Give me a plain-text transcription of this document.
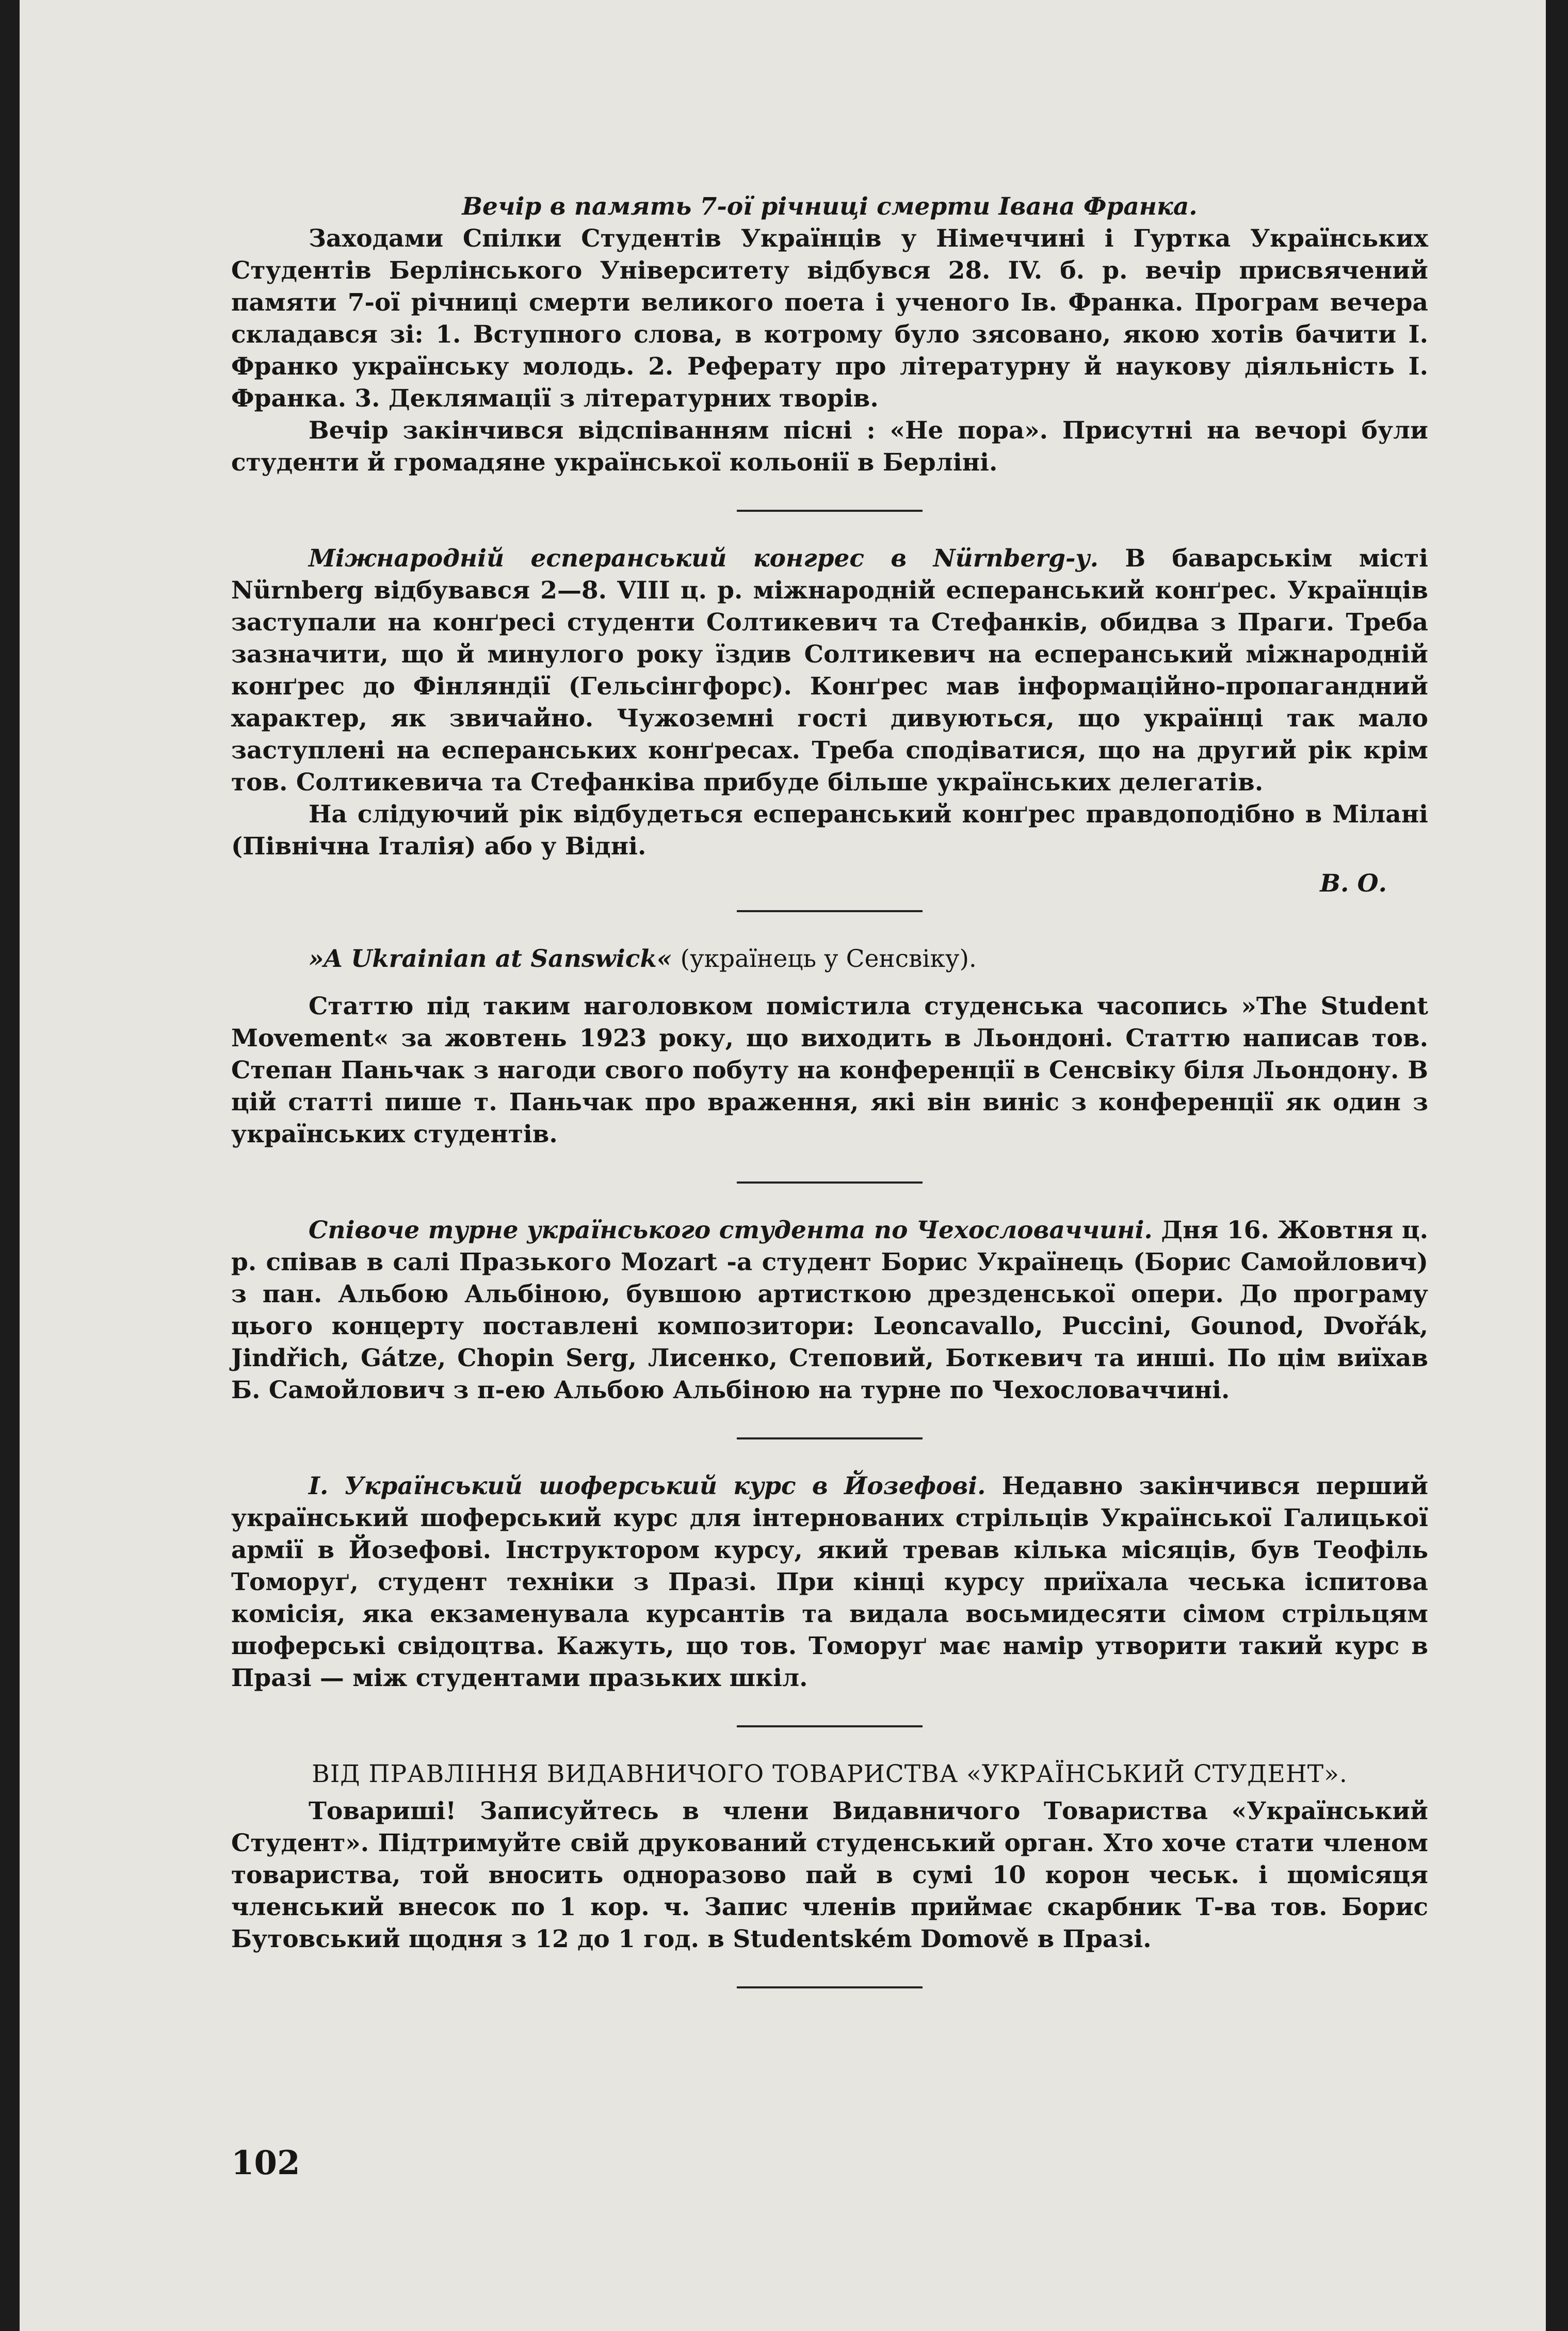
Вечір в память 7-ої річниці смерти Івана Франка.

Заходами Спілки Студентів Українців у Німеччині і Гуртка Українських Студентів Берлінського Університету відбувся 28. IV. б. р. вечір присвячений памяти 7-ої річниці смерти великого поета і ученого Ів. Франка. Програм вечера складався зі: 1. Вступного слова, в котрому було зясовано, якою хотів бачити І. Франко українську молодь. 2. Реферату про літературну й наукову діяльність І. Франка. 3. Деклямації з літературних творів.

Вечір закінчився відспіванням пісні : «Не пора». Присутні на вечорі були студенти й громадяне української кольонії в Берліні.

Міжнародній есперанський конгрес в Nürnberg-у. В баварськім місті Nürnberg відбувався 2—8. VIII ц. р. міжнародній есперанський конґрес. Українців заступали на конґресі студенти Солтикевич та Стефанків, обидва з Праги. Треба зазначити, що й минулого року їздив Солтикевич на есперанський міжнародній конґрес до Фінляндії (Гельсінгфорс). Конґрес мав інформаційно-пропагандний характер, як звичайно. Чужоземні гості дивуються, що українці так мало заступлені на есперанських конґресах. Треба сподіватися, що на другий рік крім тов. Солтикевича та Стефанківа прибуде більше українських делегатів.

На слідуючий рік відбудеться есперанський конґрес правдоподібно в Мілані (Північна Італія) або у Відні.

В. О.

»A Ukrainian at Sanswick« (українець у Сенсвіку).

Статтю під таким наголовком помістила студенська часопись »The Student Movement« за жовтень 1923 року, що виходить в Льондоні. Статтю написав тов. Степан Паньчак з нагоди свого побуту на конференції в Сенсвіку біля Льондону. В цій статті пише т. Паньчак про враження, які він виніс з конференції як один з українських студентів.

Співоче турне українського студента по Чехословаччині. Дня 16. Жовтня ц. р. співав в салі Празького Mozart -а студент Борис Українець (Борис Самойлович) з пан. Альбою Альбіною, бувшою артисткою дрезденської опери. До програму цього концерту поставлені композитори: Leoncavallo, Puccini, Gounod, Dvořák, Jindřich, Gátze, Chopin Serg, Лисенко, Степовий, Боткевич та инші. По цім виїхав Б. Самойлович з п-ею Альбою Альбіною на турне по Чехословаччині.

I. Український шоферський курс в Йозефові. Недавно закінчився перший український шоферський курс для інтернованих стрільців Української Галицької армії в Йозефові. Інструктором курсу, який тревав кілька місяців, був Теофіль Томоруґ, студент техніки з Празі. При кінці курсу приїхала чеська іспитова комісія, яка екзаменувала курсантів та видала восьмидесяти сімом стрільцям шоферські свідоцтва. Кажуть, що тов. Томоруґ має намір утворити такий курс в Празі — між студентами празьких шкіл.

ВІД ПРАВЛІННЯ ВИДАВНИЧОГО ТОВАРИСТВА «УКРАЇНСЬКИЙ СТУДЕНТ».

Товариші! Записуйтесь в члени Видавничого Товариства «Український Студент». Підтримуйте свій друкований студенський орган. Хто хоче стати членом товариства, той вносить одноразово пай в сумі 10 корон чеськ. і щомісяця членський внесок по 1 кор. ч. Запис членів приймає скарбник Т-ва тов. Борис Бутовський щодня з 12 до 1 год. в Studentském Domově в Празі.

102
